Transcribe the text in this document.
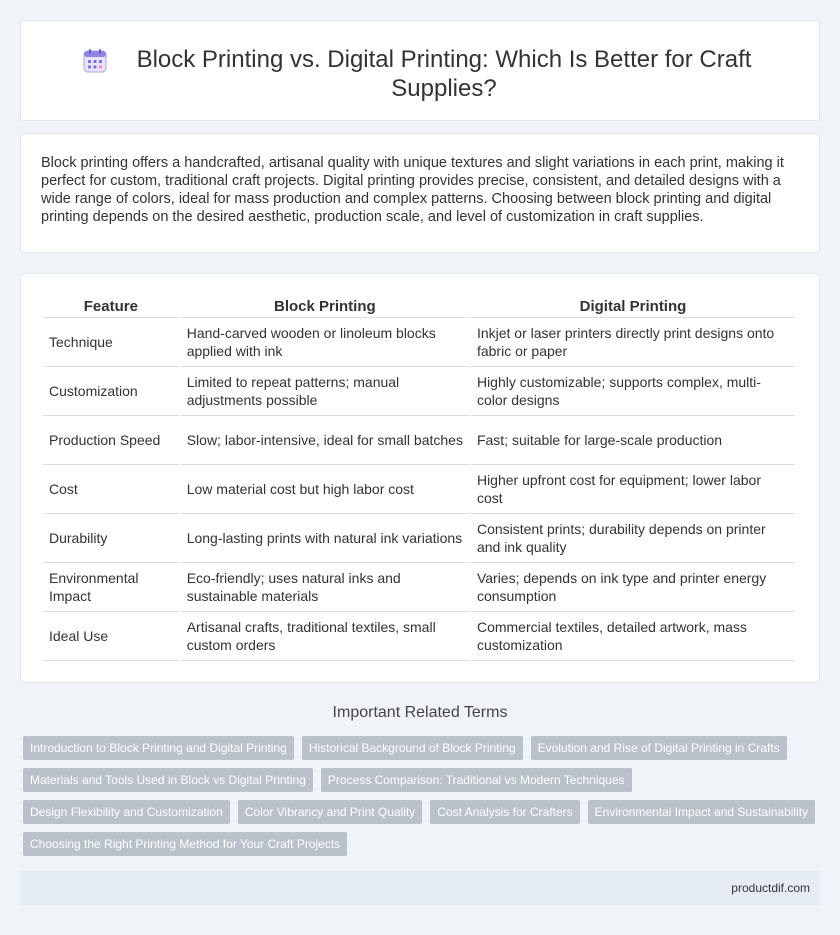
Block Printing vs. Digital Printing: Which Is Better for Craft Supplies?

Block printing offers a handcrafted, artisanal quality with unique textures and slight variations in each print, making it perfect for custom, traditional craft projects. Digital printing provides precise, consistent, and detailed designs with a wide range of colors, ideal for mass production and complex patterns. Choosing between block printing and digital printing depends on the desired aesthetic, production scale, and level of customization in craft supplies.

Feature	Block Printing	Digital Printing
Technique	Hand-carved wooden or linoleum blocks applied with ink	Inkjet or laser printers directly print designs onto fabric or paper
Customization	Limited to repeat patterns; manual adjustments possible	Highly customizable; supports complex, multi-color designs
Production Speed	Slow; labor-intensive, ideal for small batches	Fast; suitable for large-scale production
Cost	Low material cost but high labor cost	Higher upfront cost for equipment; lower labor cost
Durability	Long-lasting prints with natural ink variations	Consistent prints; durability depends on printer and ink quality
Environmental Impact	Eco-friendly; uses natural inks and sustainable materials	Varies; depends on ink type and printer energy consumption
Ideal Use	Artisanal crafts, traditional textiles, small custom orders	Commercial textiles, detailed artwork, mass customization
Important Related Terms
Introduction to Block Printing and Digital Printing	Historical Background of Block Printing	Evolution and Rise of Digital Printing in Crafts
Materials and Tools Used in Block vs Digital Printing	Process Comparison: Traditional vs Modern Techniques
Design Flexibility and Customization	Color Vibrancy and Print Quality	Cost Analysis for Crafters	Environmental Impact and Sustainability
Choosing the Right Printing Method for Your Craft Projects
productdif.com
